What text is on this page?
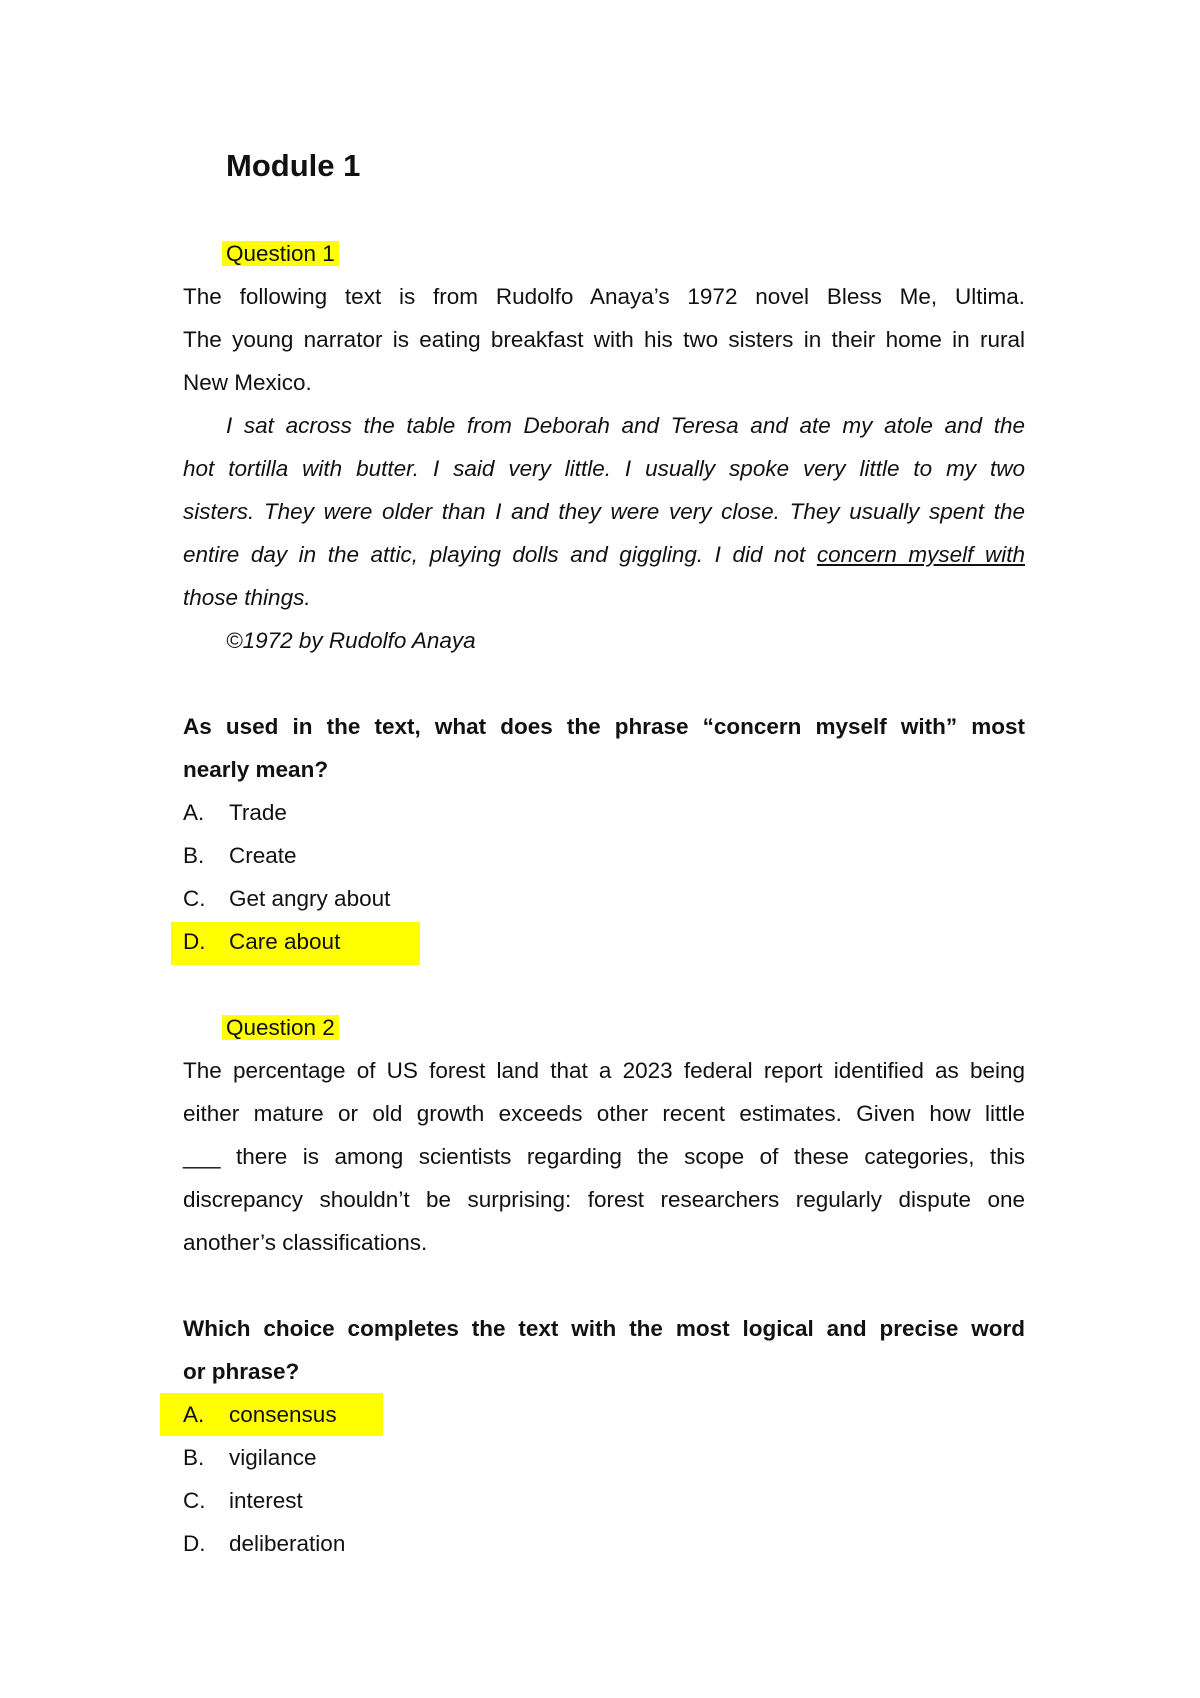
Module 1
Question 1
The following text is from Rudolfo Anaya’s 1972 novel Bless Me, Ultima.
The young narrator is eating breakfast with his two sisters in their home in rural
New Mexico.
I sat across the table from Deborah and Teresa and ate my atole and the
hot tortilla with butter. I said very little. I usually spoke very little to my two
sisters. They were older than I and they were very close. They usually spent the
entire day in the attic, playing dolls and giggling. I did not concern myself with
those things.
©1972 by Rudolfo Anaya
As used in the text, what does the phrase “concern myself with” most
nearly mean?
A. Trade
B. Create
C. Get angry about
D. Care about
Question 2
The percentage of US forest land that a 2023 federal report identified as being
either mature or old growth exceeds other recent estimates. Given how little
___ there is among scientists regarding the scope of these categories, this
discrepancy shouldn’t be surprising: forest researchers regularly dispute one
another’s classifications.
Which choice completes the text with the most logical and precise word
or phrase?
A. consensus
B. vigilance
C. interest
D. deliberation
